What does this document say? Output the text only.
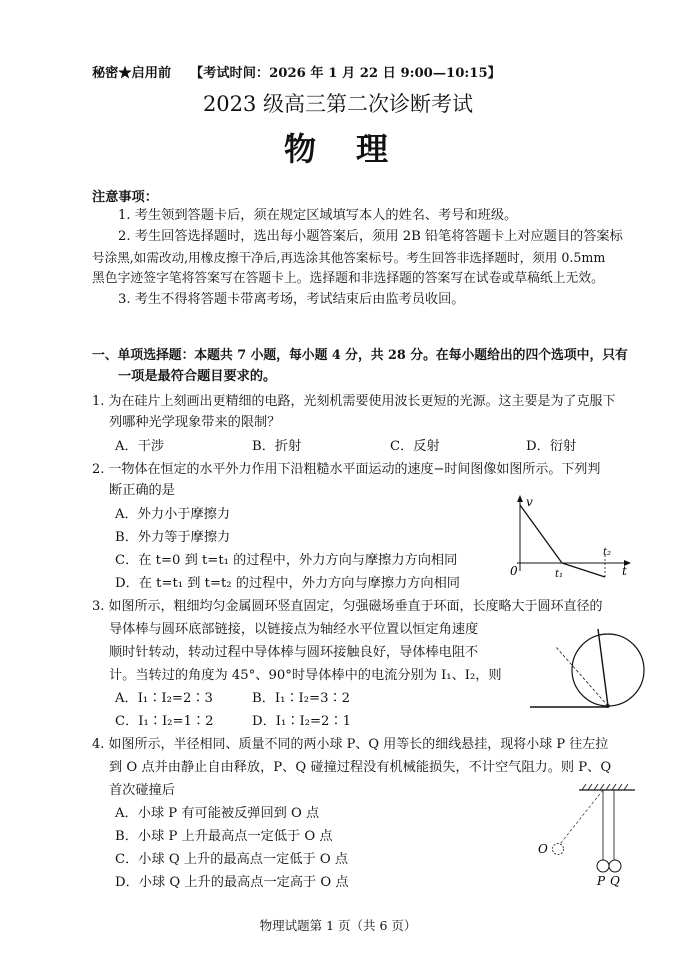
秘密★启用前 【考试时间：2026 年 1 月 22 日 9:00—10:15】
2023 级高三第二次诊断考试
物　理
注意事项：
1. 考生领到答题卡后，须在规定区域填写本人的姓名、考号和班级。
2. 考生回答选择题时，选出每小题答案后，须用 2B 铅笔将答题卡上对应题目的答案标
号涂黑,如需改动,用橡皮擦干净后,再选涂其他答案标号。考生回答非选择题时，须用 0.5mm
黑色字迹签字笔将答案写在答题卡上。选择题和非选择题的答案写在试卷或草稿纸上无效。
3. 考生不得将答题卡带离考场，考试结束后由监考员收回。
一、单项选择题：本题共 7 小题，每小题 4 分，共 28 分。在每小题给出的四个选项中，只有
一项是最符合题目要求的。
1. 为在硅片上刻画出更精细的电路，光刻机需要使用波长更短的光源。这主要是为了克服下
列哪种光学现象带来的限制？
A．干涉	B．折射	C．反射	D．衍射
2. 一物体在恒定的水平外力作用下沿粗糙水平面运动的速度−时间图像如图所示。下列判
断正确的是
A．外力小于摩擦力
B．外力等于摩擦力
C．在 t=0 到 t=t₁ 的过程中，外力方向与摩擦力方向相同
D．在 t=t₁ 到 t=t₂ 的过程中，外力方向与摩擦力方向相同
v
t
0	t₁
t₂
3. 如图所示，粗细均匀金属圆环竖直固定，匀强磁场垂直于环面，长度略大于圆环直径的
导体棒与圆环底部链接，以链接点为轴经水平位置以恒定角速度
顺时针转动，转动过程中导体棒与圆环接触良好，导体棒电阻不
计。当转过的角度为 45°、90°时导体棒中的电流分别为 I₁、I₂，则
A．I₁∶I₂=2∶3	B．I₁∶I₂=3∶2
C．I₁∶I₂=1∶2	D．I₁∶I₂=2∶1
4. 如图所示，半径相同、质量不同的两小球 P、Q 用等长的细线悬挂，现将小球 P 往左拉
到 O 点并由静止自由释放，P、Q 碰撞过程没有机械能损失，不计空气阻力。则 P、Q
首次碰撞后
A．小球 P 有可能被反弹回到 O 点
B．小球 P 上升最高点一定低于 O 点
C．小球 Q 上升的最高点一定低于 O 点
D．小球 Q 上升的最高点一定高于 O 点
O
P Q
物理试题第 1 页（共 6 页）
